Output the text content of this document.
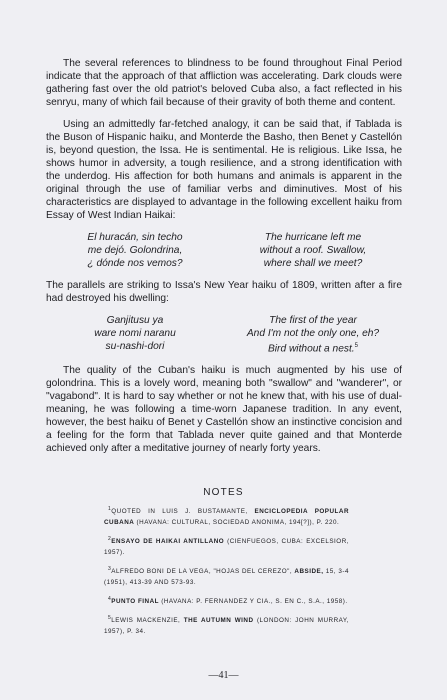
The several references to blindness to be found throughout Final Period indicate that the approach of that affliction was accelerating. Dark clouds were gathering fast over the old patriot's beloved Cuba also, a fact reflected in his senryu, many of which fail because of their gravity of both theme and content.

Using an admittedly far-fetched analogy, it can be said that, if Tablada is the Buson of Hispanic haiku, and Monterde the Basho, then Benet y Castellón is, beyond question, the Issa. He is sentimental. He is religious. Like Issa, he shows humor in adversity, a tough resilience, and a strong identification with the underdog. His affection for both humans and animals is apparent in the original through the use of familiar verbs and diminutives. Most of his characteristics are displayed to advantage in the following excellent haiku from Essay of West Indian Haikai:

El huracán, sin techo
me dejó. Golondrina,
¿ dónde nos vemos?
The hurricane left me
without a roof. Swallow,
where shall we meet?

The parallels are striking to Issa's New Year haiku of 1809, written after a fire had destroyed his dwelling:

Ganjitusu ya
ware nomi naranu
su-nashi-dori
The first of the year
And I'm not the only one, eh?
Bird without a nest.$^5$

The quality of the Cuban's haiku is much augmented by his use of golondrina. This is a lovely word, meaning both "swallow" and "wanderer", or "vagabond". It is hard to say whether or not he knew that, with his use of dual-meaning, he was following a time-worn Japanese tradition. In any event, however, the best haiku of Benet y Castellón show an instinctive concision and a feeling for the form that Tablada never quite gained and that Monterde achieved only after a meditative journey of nearly forty years.

NOTES

$^1$QUOTED IN LUIS J. BUSTAMANTE, ENCICLOPEDIA POPULAR CUBANA (HAVANA: CULTURAL, SOCIEDAD ANONIMA, 194[?]), P. 220.

$^2$ENSAYO DE HAIKAI ANTILLANO (CIENFUEGOS, CUBA: EXCELSIOR, 1957).

$^3$ALFREDO BONI DE LA VEGA, "HOJAS DEL CEREZO", ABSIDE, 15, 3-4 (1951), 413-39 AND 573-93.

$^4$PUNTO FINAL (HAVANA: P. FERNANDEZ Y CIA., S. EN C., S.A., 1958).

$^5$LEWIS MACKENZIE, THE AUTUMN WIND (LONDON: JOHN MURRAY, 1957), P. 34.

—41—
